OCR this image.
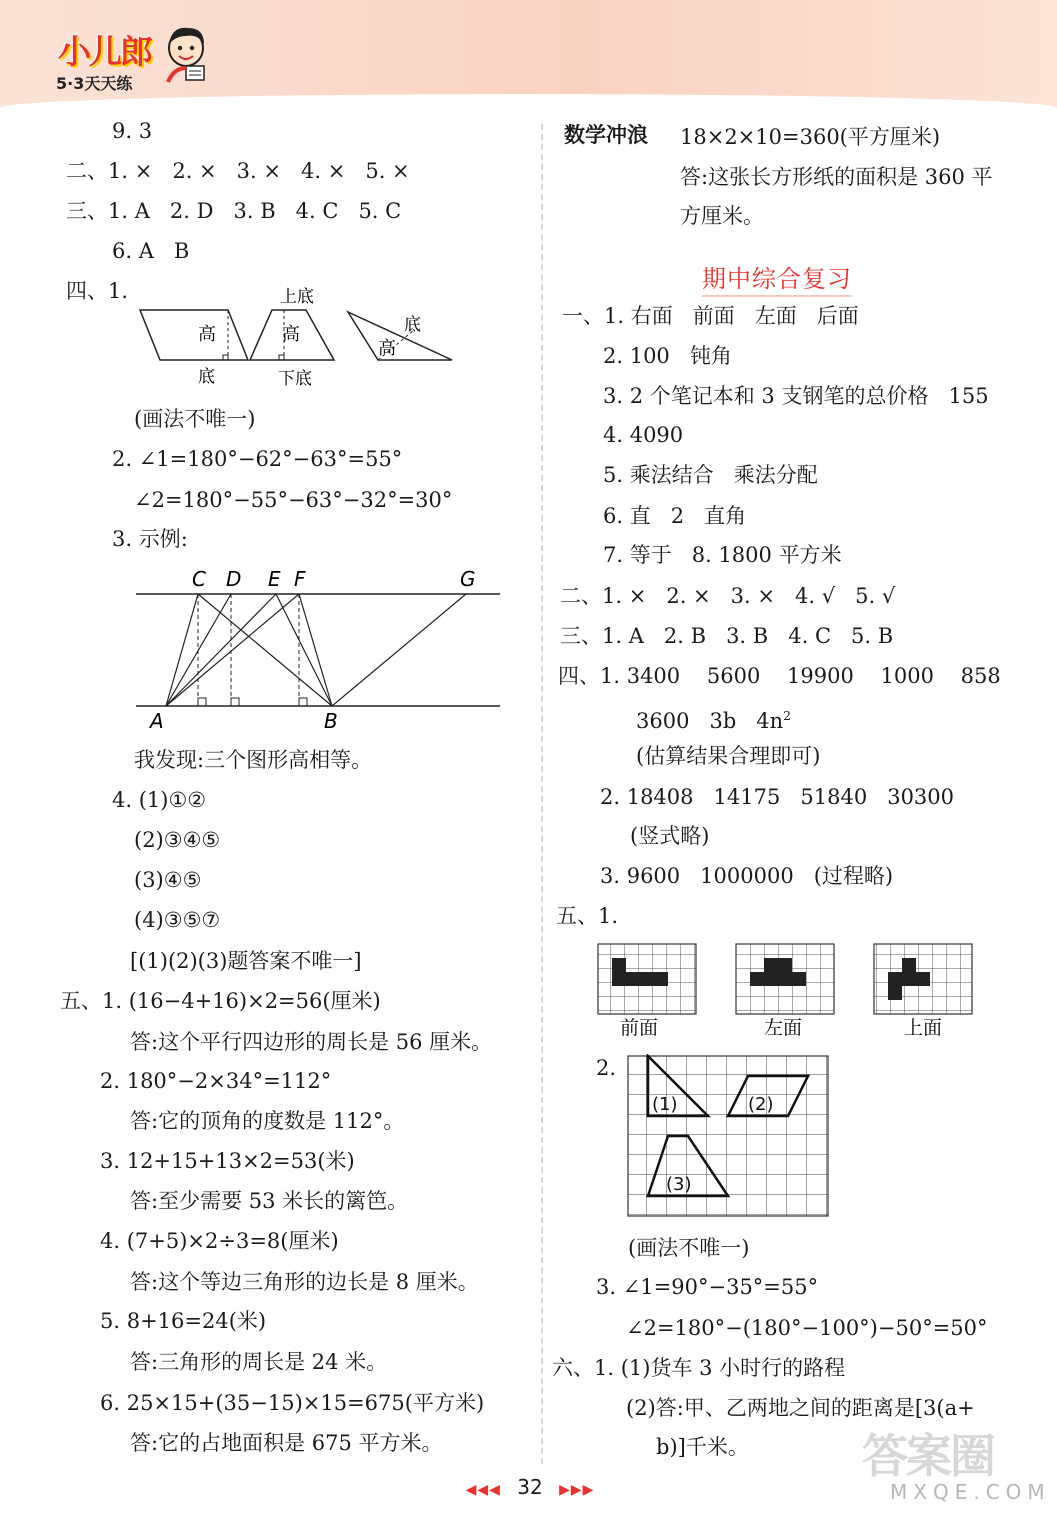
小儿郎
5·3天天练
9. 3
二、1. ×   2. ×   3. ×   4. ×   5. ×
三、1. A   2. D   3. B   4. C   5. C
6. A   B
四、1.
高
底
上底
高
下底
高
底
(画法不唯一)
2. ∠1=180°−62°−63°=55°
∠2=180°−55°−63°−32°=30°
3. 示例:
C D E F	G
A	B
我发现:三个图形高相等。
4. (1)①②
(2)③④⑤
(3)④⑤
(4)③⑤⑦
[(1)(2)(3)题答案不唯一]
五、1. (16−4+16)×2=56(厘米)
答:这个平行四边形的周长是 56 厘米。
2. 180°−2×34°=112°
答:它的顶角的度数是 112°。
3. 12+15+13×2=53(米)
答:至少需要 53 米长的篱笆。
4. (7+5)×2÷3=8(厘米)
答:这个等边三角形的边长是 8 厘米。
5. 8+16=24(米)
答:三角形的周长是 24 米。
6. 25×15+(35−15)×15=675(平方米)
答:它的占地面积是 675 平方米。
数学冲浪 18×2×10=360(平方厘米)
答:这张长方形纸的面积是 360 平
方厘米。
期中综合复习
一、1. 右面   前面   左面   后面
2. 100   钝角
3. 2 个笔记本和 3 支钢笔的总价格   155
4. 4090
5. 乘法结合   乘法分配
6. 直   2   直角
7. 等于   8. 1800 平方米
二、1. ×   2. ×   3. ×   4. √   5. √
三、1. A   2. B   3. B   4. C   5. B
四、1. 3400    5600    19900    1000    858
3600   3b   $4n^2$
(估算结果合理即可)
2. 18408   14175   51840   30300
(竖式略)
3. 9600   1000000   (过程略)
五、1.
前面	左面	上面
2.
(1)	(2)
(3)
(画法不唯一)
3. ∠1=90°−35°=55°
∠2=180°−(180°−100°)−50°=50°
六、1. (1)货车 3 小时行的路程
(2)答:甲、乙两地之间的距离是[3(a+
b)]千米。
◀◀◀ 32 ▶▶▶
答案圈
MXQE.COM
